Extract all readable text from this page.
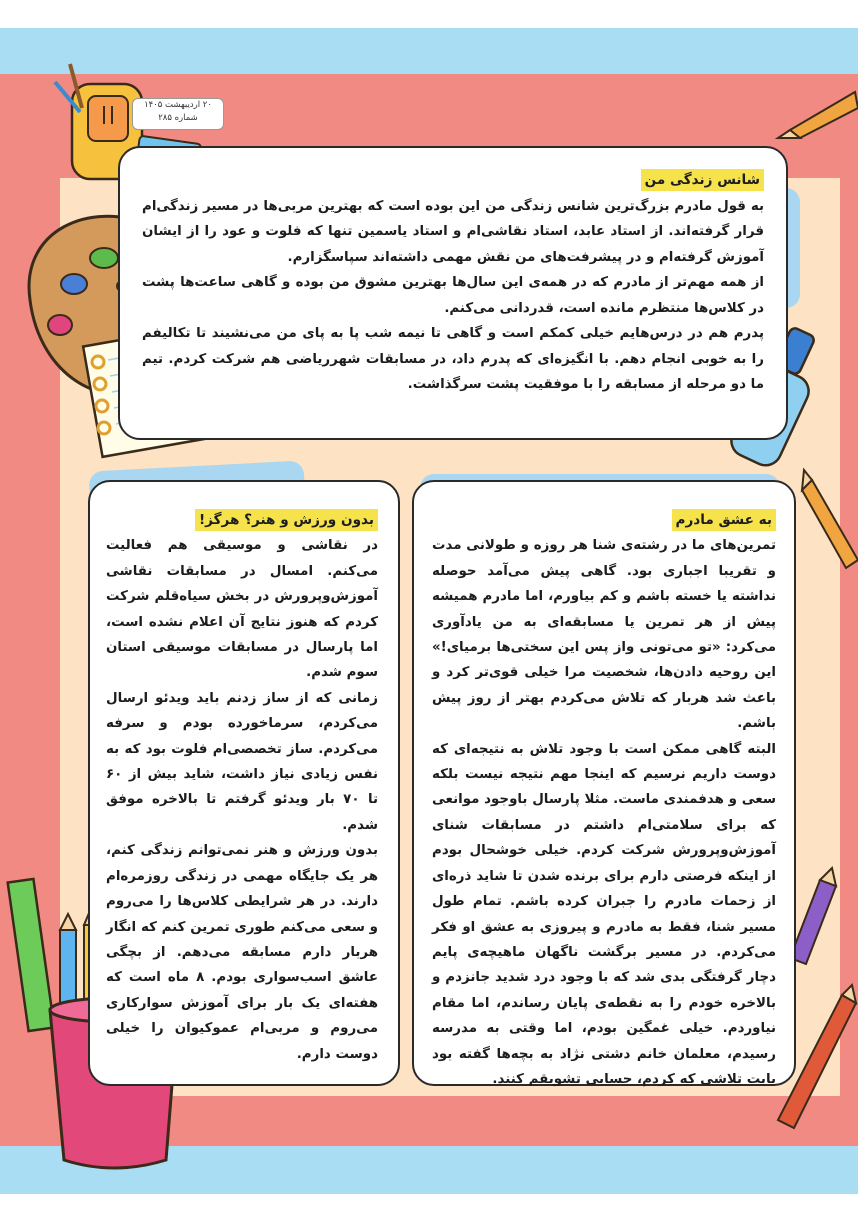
۲۰ اردیبهشت ۱۴۰۵
شماره ۲۸۵
شانس زندگی من

به قول مادرم بزرگ‌ترین شانس زندگی من این بوده است که بهترین مربی‌ها در مسیر زندگی‌ام قرار گرفته‌اند. از استاد عابد، استاد نقاشی‌ام و استاد یاسمین تنها که فلوت و عود را از ایشان آموزش گرفته‌ام و در پیشرفت‌های من نقش مهمی داشته‌اند سپاسگزارم.

از همه مهم‌تر از مادرم که در همه‌ی این سال‌ها بهترین مشوق من بوده و گاهی ساعت‌ها پشت در کلاس‌ها منتظرم مانده است، قدردانی می‌کنم.

پدرم هم در درس‌هایم خیلی کمکم است و گاهی تا نیمه شب پا به پای من می‌نشیند تا تکالیفم را به خوبی انجام دهم. با انگیزه‌ای که پدرم داد، در مسابقات شهرریاضی هم شرکت کردم. تیم ما دو مرحله از مسابقه را با موفقیت پشت سرگذاشت.

بدون ورزش و هنر؟ هرگز!

در نقاشی و موسیقی هم فعالیت می‌کنم. امسال در مسابقات نقاشی آموزش‌وپرورش در بخش سیاه‌قلم شرکت کردم که هنوز نتایج آن اعلام نشده است، اما پارسال در مسابقات موسیقی استان سوم شدم.

زمانی که از ساز زدنم باید ویدئو ارسال می‌کردم، سرماخورده بودم و سرفه می‌کردم. ساز تخصصی‌ام فلوت بود که به نفس زیادی نیاز داشت، شاید بیش از ۶۰ تا ۷۰ بار ویدئو گرفتم تا بالاخره موفق شدم.

بدون ورزش و هنر نمی‌توانم زندگی کنم، هر یک جایگاه مهمی در زندگی روزمره‌ام دارند. در هر شرایطی کلاس‌ها را می‌روم و سعی می‌کنم طوری تمرین کنم که انگار هربار دارم مسابقه می‌دهم. از بچگی عاشق اسب‌سواری بودم. ۸ ماه است که هفته‌ای یک بار برای آموزش سوارکاری می‌روم و مربی‌ام عموکیوان را خیلی دوست دارم.

به عشق مادرم

تمرین‌های ما در رشته‌ی شنا هر روزه و طولانی مدت و تقریبا اجباری بود. گاهی پیش می‌آمد حوصله نداشته یا خسته باشم و کم بیاورم، اما مادرم همیشه پیش از هر تمرین یا مسابقه‌ای به من یادآوری می‌کرد: «تو می‌تونی واز پس این سختی‌ها برمیای!» این روحیه دادن‌ها، شخصیت مرا خیلی قوی‌تر کرد و باعث شد هربار که تلاش می‌کردم بهتر از روز پیش باشم.

البته گاهی ممکن است با وجود تلاش به نتیجه‌ای که دوست داریم نرسیم که اینجا مهم نتیجه نیست بلکه سعی و هدفمندی ماست. مثلا پارسال باوجود موانعی که برای سلامتی‌ام داشتم در مسابقات شنای آموزش‌وپرورش شرکت کردم. خیلی خوشحال بودم از اینکه فرصتی دارم برای برنده شدن تا شاید ذره‌ای از زحمات مادرم را جبران کرده باشم. تمام طول مسیر شنا، فقط به مادرم و پیروزی به عشق او فکر می‌کردم. در مسیر برگشت ناگهان ماهیچه‌ی پایم دچار گرفتگی بدی شد که با وجود درد شدید جانزدم و بالاخره خودم را به نقطه‌ی پایان رساندم، اما مقام نیاوردم. خیلی غمگین بودم، اما وقتی به مدرسه رسیدم، معلمان خانم دشتی نژاد به بچه‌ها گفته بود بابت تلاشی که کردم، حسابی تشویقم کنند.
